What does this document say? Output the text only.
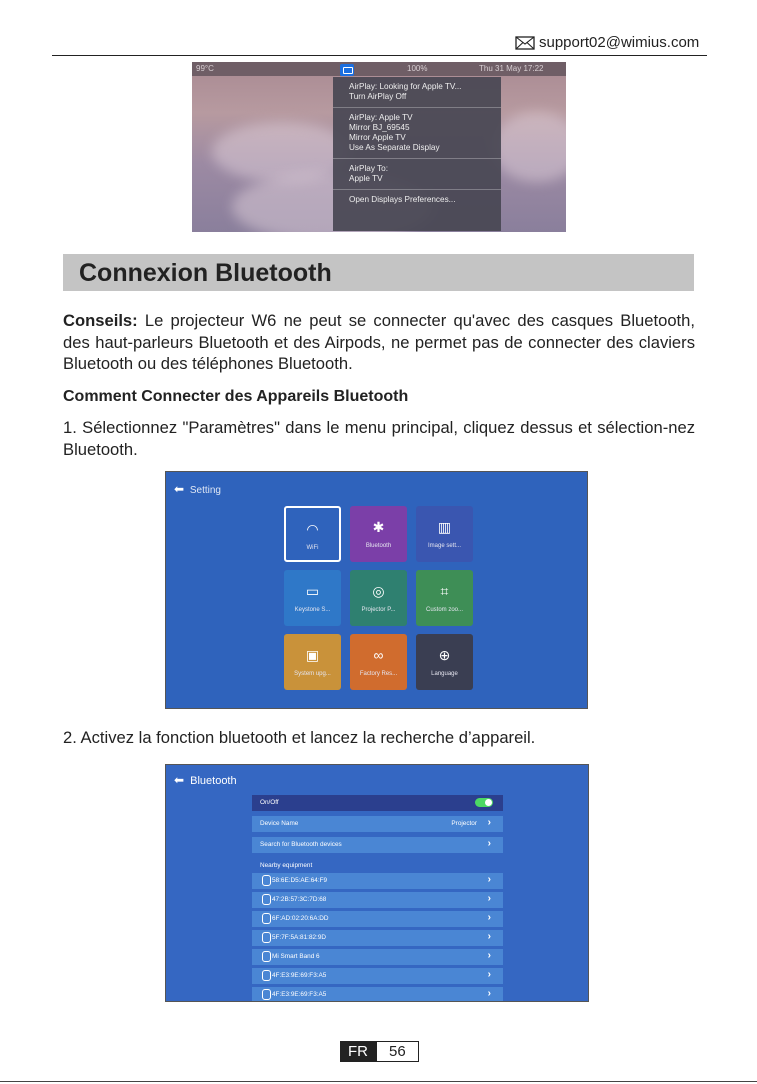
support02@wimius.com
99°C	100%	Thu 31 May 17:22
AirPlay: Looking for Apple TV...
Turn AirPlay Off
AirPlay: Apple TV
Mirror BJ_69545
Mirror Apple TV
Use As Separate Display
AirPlay To:
Apple TV
Open Displays Preferences...
Connexion Bluetooth
Conseils: Le projecteur W6 ne peut se connecter qu'avec des casques Bluetooth, des haut-parleurs Bluetooth et des Airpods, ne permet pas de connecter des claviers Bluetooth ou des téléphones Bluetooth.
Comment Connecter des Appareils Bluetooth
1. Sélectionnez "Paramètres" dans le menu principal, cliquez dessus et sélection-nez Bluetooth.
⬅ Setting
◠
WiFi
✱
Bluetooth
▥
Image sett...
▭
Keystone S...
◎
Projector P...
⌗
Custom zoo...
▣
System upg...
∞
Factory Res...
⊕
Language
2. Activez la fonction bluetooth et lancez la recherche d’appareil.
⬅ Bluetooth
On/Off
Device Name	Projector ›
Search for Bluetooth devices	›
Nearby equipment
58:6E:D5:AE:64:F9	›
47:2B:57:3C:7D:68	›
6F:AD:02:20:6A:DD	›
5F:7F:5A:81:82:9D	›
Mi Smart Band 6	›
4F:E3:9E:69:F3:A5	›
4F:E3:9E:69:F3:A5	›
FR	56
